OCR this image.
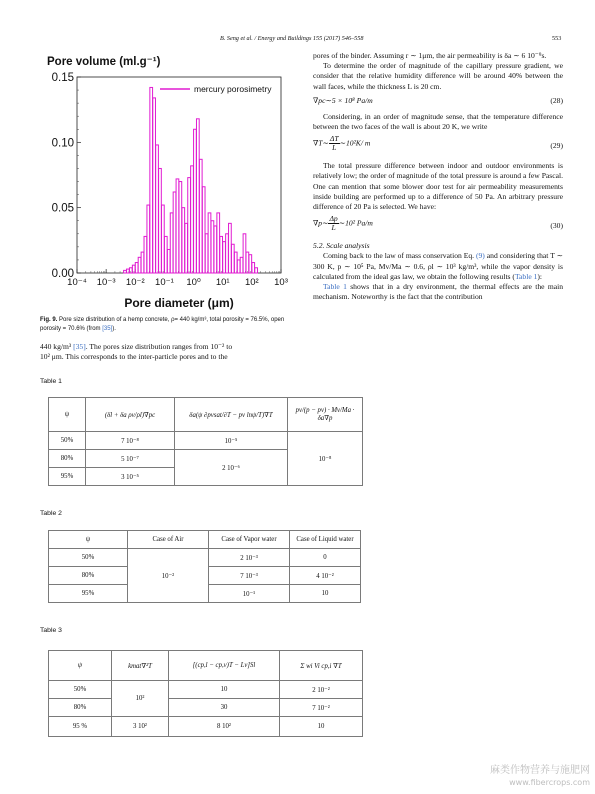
B. Seng et al. / Energy and Buildings 155 (2017) 546–558	553
0.00
0.05
0.10
0.15
10⁻⁴ 10⁻³ 10⁻² 10⁻¹ 10⁰ 10¹ 10² 10³
mercury porosimetry
Pore volume (ml.g⁻¹)
Pore diameter (μm)
Fig. 9. Pore size distribution of a hemp concrete, ρ= 440 kg/m³, total porosity = 76.5%, open porosity = 70.6% (from [35]).
440 kg/m³ [35]. The pores size distribution ranges from 10⁻² to
10² μm. This corresponds to the inter-particle pores and to the

pores of the binder. Assuming r ∼ 1μm, the air permeability is δa ∼ 6 10⁻⁹s.

To determine the order of magnitude of the capillary pressure gradient, we consider that the relative humidity difference will be around 40% between the wall faces, while the thickness L is 20 cm.

∇pc∼5 × 10⁸ Pa/m	(28)

Considering, in an order of magnitude sense, that the temperature difference between the two faces of the wall is about 20 K, we write

∇T∼ $\frac{\Delta T}{L}$ ∼10²K/ m	(29)

The total pressure difference between indoor and outdoor environments is relatively low; the order of magnitude of the total pressure is around a few Pascal. One can mention that some blower door test for air permeability measurements inside building are performed up to a difference of 50 Pa. An arbitrary pressure difference of 20 Pa is selected. We have:

∇p∼ $\frac{\Delta p}{L}$ ∼10² Pa/m	(30)

5.2. Scale analysis

Coming back to the law of mass conservation Eq. (9) and considering that T ∼ 300 K, p ∼ 10⁵ Pa, Mv/Ma ∼ 0.6, ρl ∼ 10³ kg/m³, while the vapor density is calculated from the ideal gas law, we obtain the following results (Table 1):

Table 1 shows that in a dry environment, the thermal effects are the main mechanism. Noteworthy is the fact that the contribution

Table 1
ψ	(δl + δa ρv/ρl)∇pc	δa(ψ ∂pvsat/∂T − pv lnψ/T)∇T	pv/(p − pv) · Mv/Ma · δa∇p
50%	7 10⁻⁸	10⁻⁵	10⁻⁸
80%	5 10⁻⁷	2 10⁻⁶	
95%	3 10⁻⁵		
Table 2
ψ	Case of Air	Case of Vapor water	Case of Liquid water
50%	10⁻²	2 10⁻³	0
80%		7 10⁻³	4 10⁻²
95%		10⁻¹	10
Table 3
ψ	kmat∇²T	[(cp,l − cp,v)T − Lv]Sl	Σ wi Vi cp,i ∇T
50%	10²	10	2 10⁻²
80%		30	7 10⁻²
95 %	3 10²	8 10²	10
麻类作物营养与施肥网
www.fibercrops.com
